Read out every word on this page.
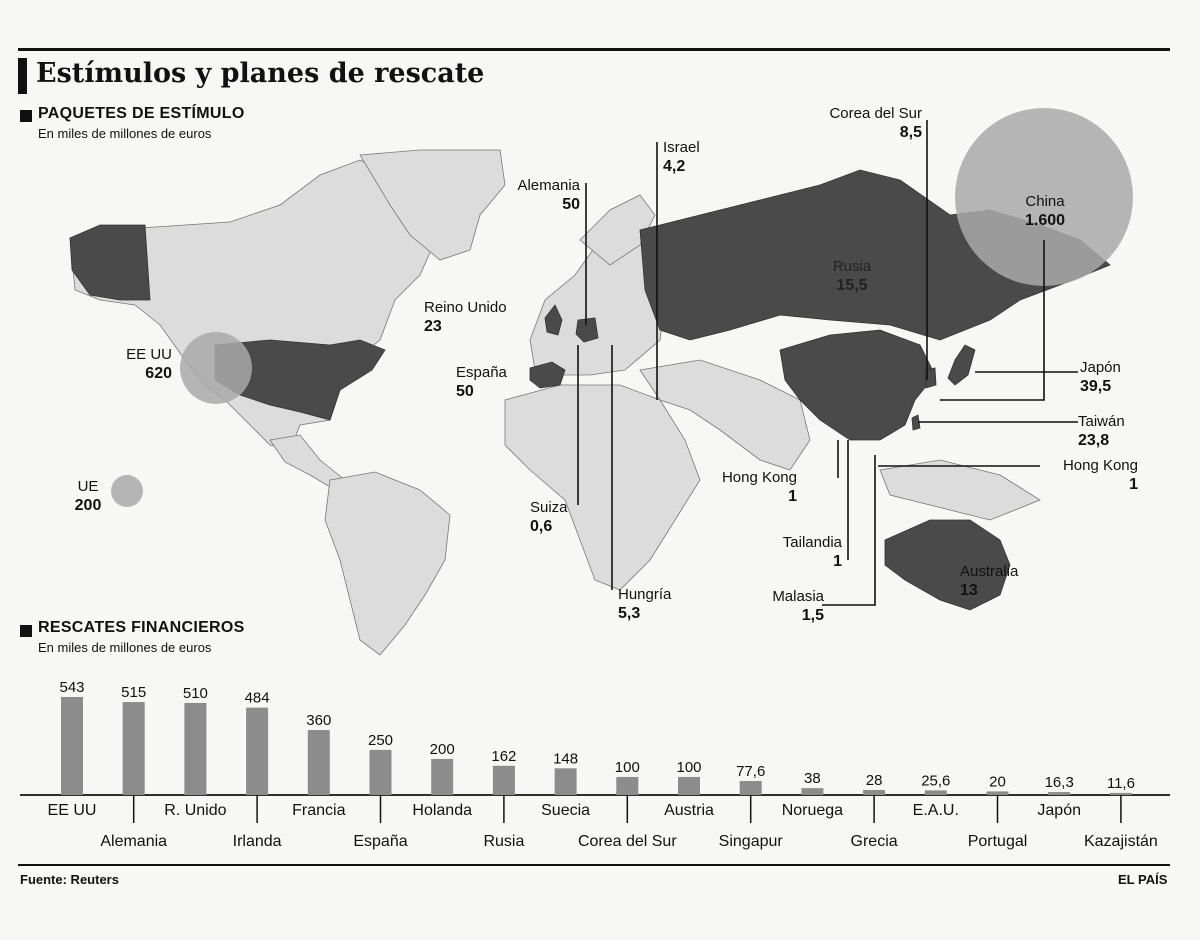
Estímulos y planes de rescate
PAQUETES DE ESTÍMULO
En miles de millones de euros
EE UU
620
UE
200
Reino Unido
23
España
50
Alemania
50
Israel
4,2
Corea del Sur
8,5
China
1.600
Rusia
15,5
Japón
39,5
Taiwán
23,8
Hong Kong
1
Hong Kong
1
Suiza
0,6
Tailandia
1
Hungría
5,3
Malasia
1,5
Australia
13
RESCATES FINANCIEROS
En miles de millones de euros
543
EE UU
515
Alemania
510
R. Unido
484
Irlanda
360
Francia
250
España
200
Holanda
162
Rusia
148
Suecia
100
Corea del Sur
100
Austria
77,6
Singapur
38
Noruega
28
Grecia
25,6
E.A.U.
20
Portugal
16,3
Japón
11,6
Kazajistán
Fuente: Reuters	EL PAÍS
